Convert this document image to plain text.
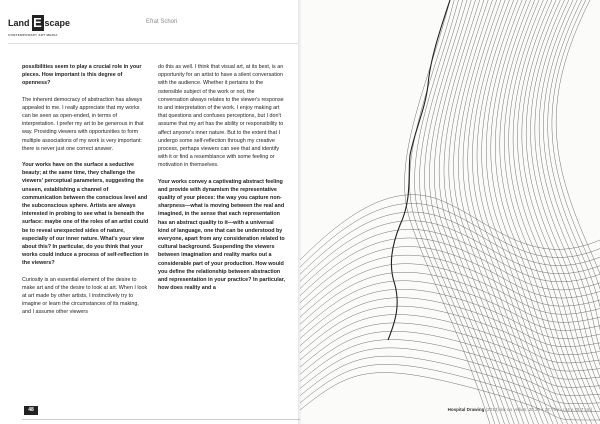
Land E scape
CONTEMPORARY ART MEDIA
Efrat Schori

possibilities seem to play a crucial role in your pieces. How important is this degree of openness?

The inherent democracy of abstraction has always appealed to me. I really appreciate that my works can be seen as open-ended, in terms of interpretation. I prefer my art to be generous in that way. Providing viewers with opportunities to form multiple associations of my work is very important: there is never just one correct answer.

Your works have on the surface a seductive beauty; at the same time, they challenge the viewers' perceptual parameters, suggesting the unseen, establishing a channel of communication between the conscious level and the subconscious sphere. Artists are always interested in probing to see what is beneath the surface: maybe one of the roles of an artist could be to reveal unexpected sides of nature, especially of our inner nature. What's your view about this? In particular, do you think that your works could induce a process of self-reflection in the viewers?

Curiosity is an essential element of the desire to make art and of the desire to look at art. When I look at art made by other artists, I instinctively try to imagine or learn the circumstances of its making, and I assume other viewers

do this as well. I think that visual art, at its best, is an opportunity for an artist to have a silent conversation with the audience. Whether it pertains to the ostensible subject of the work or not, the conversation always relates to the viewer's response to and interpretation of the work. I enjoy making art that questions and confuses perceptions, but I don't assume that my art has the ability or responsibility to affect anyone's inner nature. But to the extent that I undergo some self-reflection through my creative process, perhaps viewers can see that and identify with it or find a resemblance with some feeling or motivation in themselves.

Your works convey a captivating abstract feeling and provide with dynamism the representative quality of your pieces: the way you capture non-sharpness—what is moving between the real and imagined, in the sense that each representation has an abstract quality to it—with a universal kind of language, one that can be understood by everyone, apart from any consideration related to cultural background. Suspending the viewers between imagination and reality marks out a considerable part of your production. How would you define the relationship between abstraction and representation in your practice? In particular, how does reality and a

48	Hospital Drawing (2013) ink on vellum, 20.25 x 27.75 in. (44 x 79.7 cm)
